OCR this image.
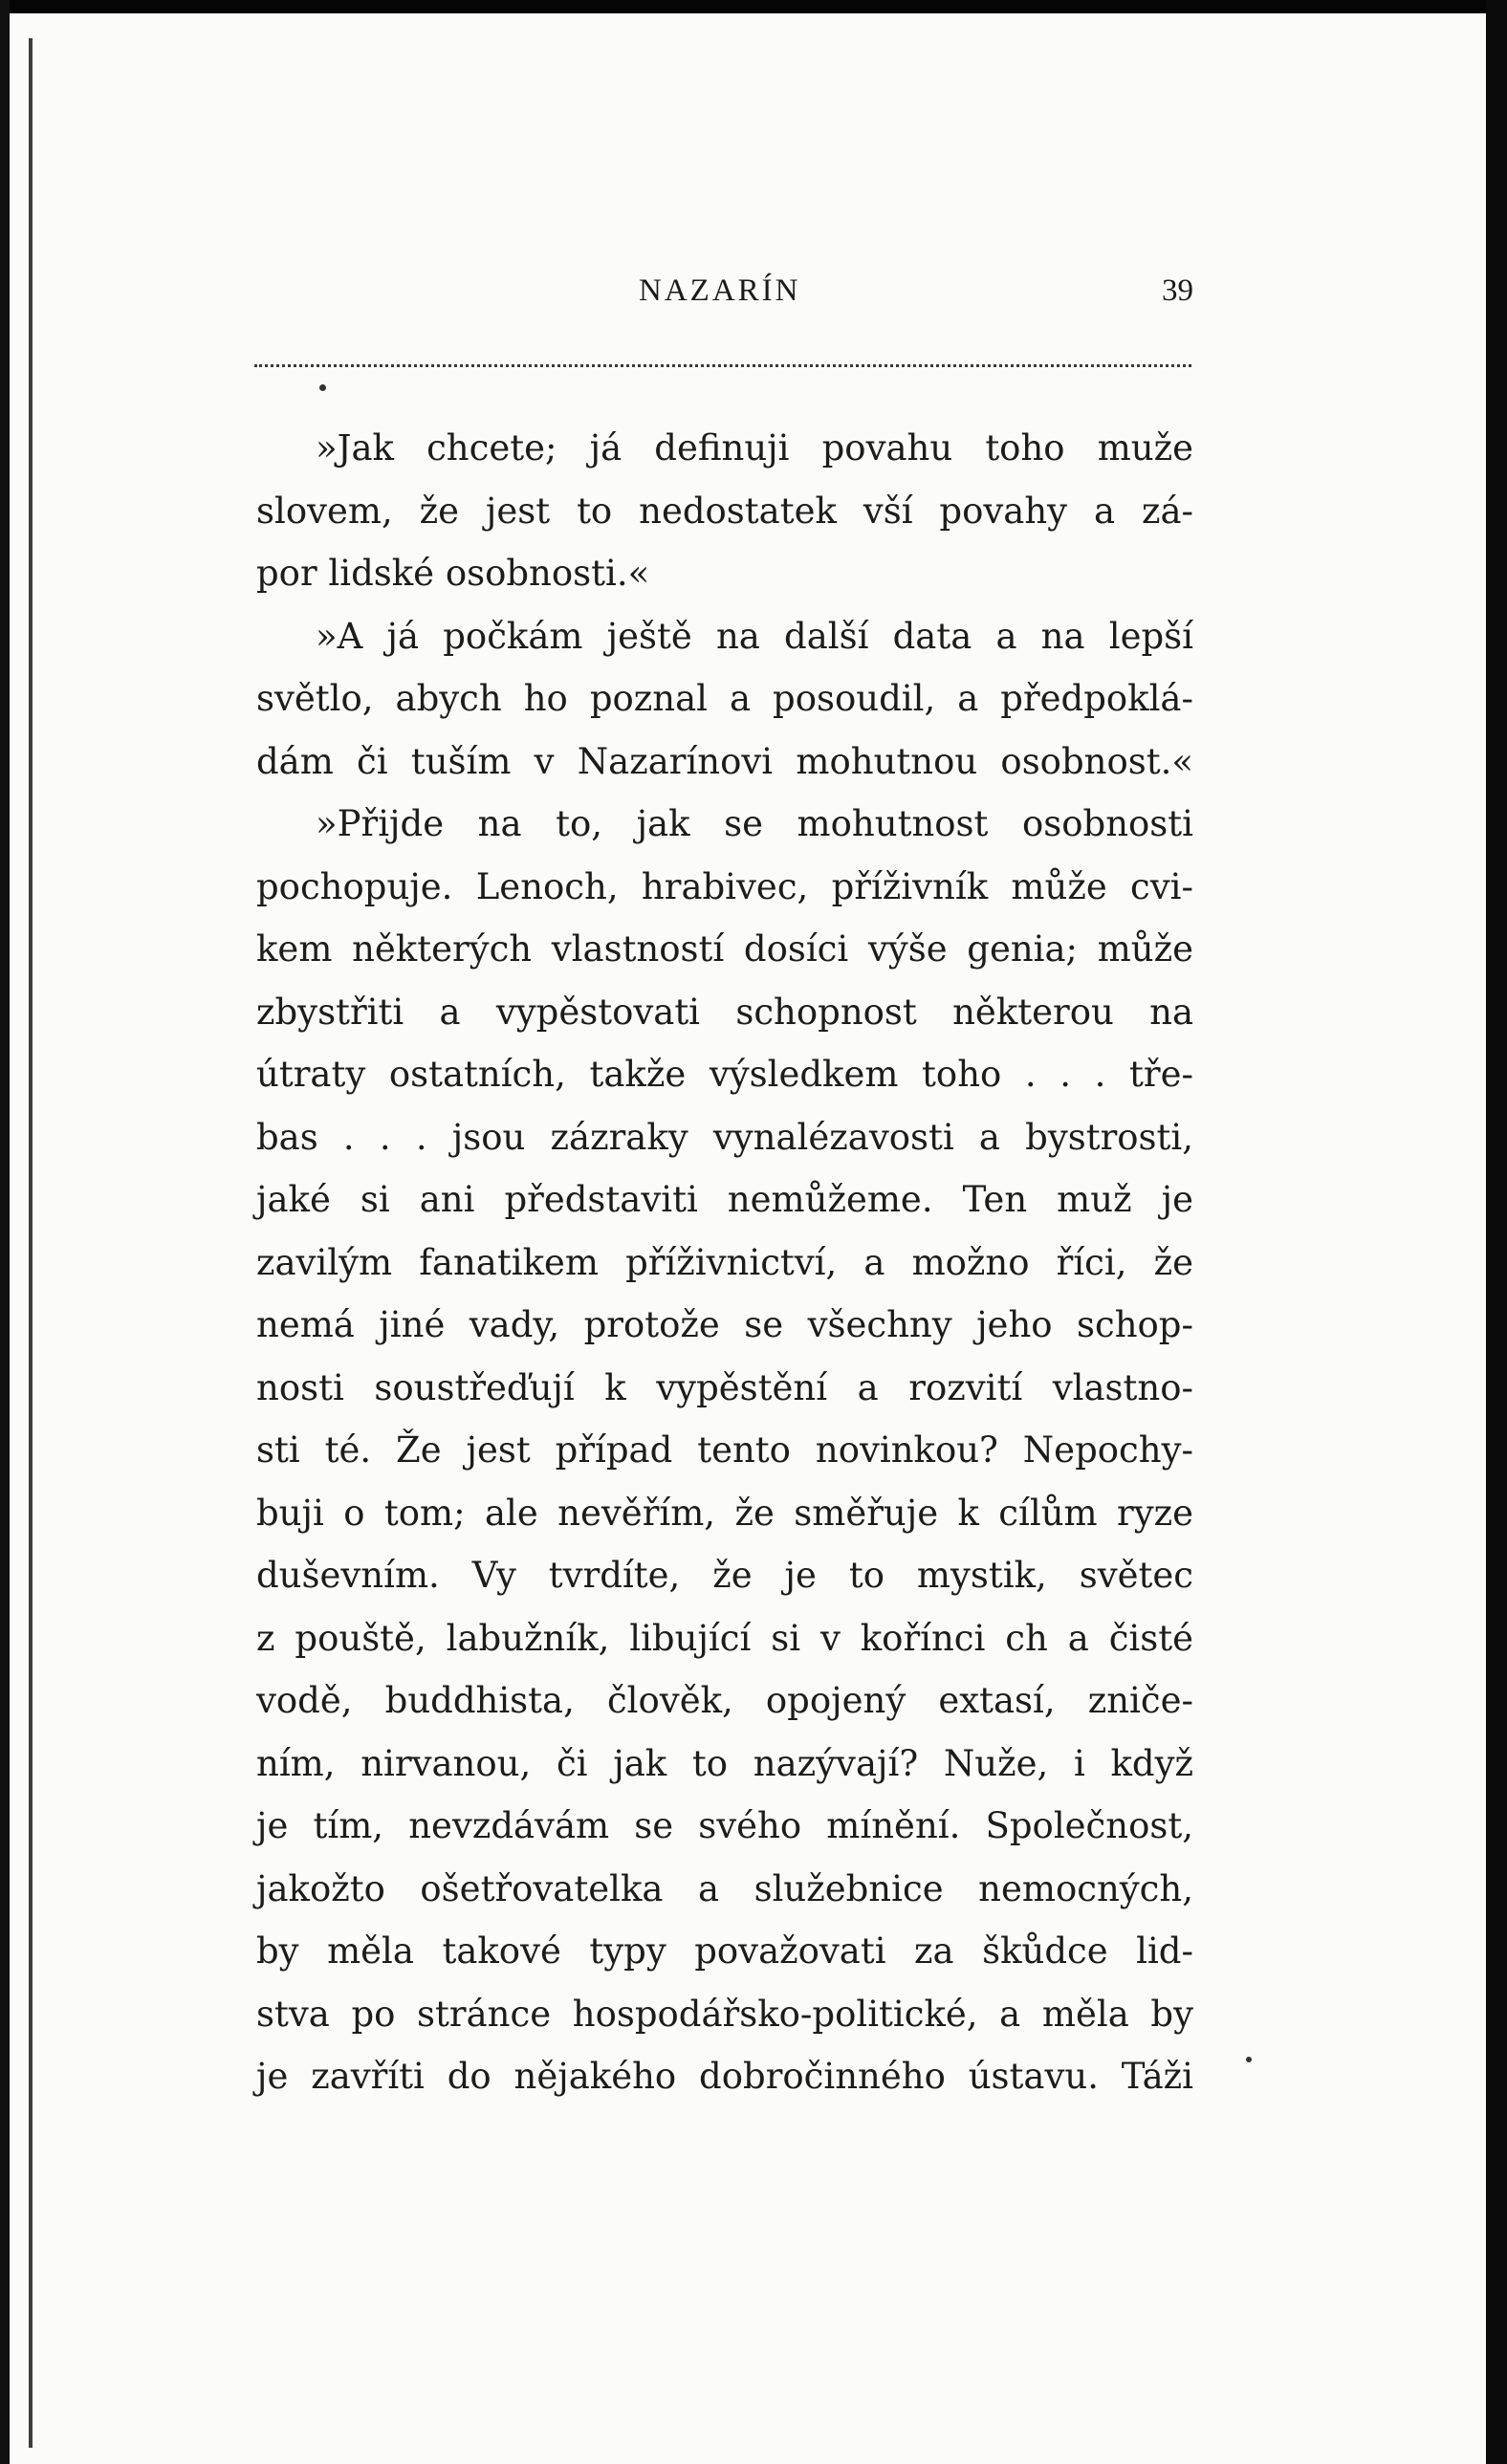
NAZARÍN	39
»Jak chcete; já definuji povahu toho muže
slovem, že jest to nedostatek vší povahy a zá-
por lidské osobnosti.«
»A já počkám ještě na další data a na lepší
světlo, abych ho poznal a posoudil, a předpoklá-
dám či tuším v Nazarínovi mohutnou osobnost.«
»Přijde na to, jak se mohutnost osobnosti
pochopuje. Lenoch, hrabivec, příživník může cvi-
kem některých vlastností dosíci výše genia; může
zbystřiti a vypěstovati schopnost některou na
útraty ostatních, takže výsledkem toho . . . tře-
bas . . . jsou zázraky vynalézavosti a bystrosti,
jaké si ani představiti nemůžeme. Ten muž je
zavilým fanatikem příživnictví, a možno říci, že
nemá jiné vady, protože se všechny jeho schop-
nosti soustřeďují k vypěstění a rozvití vlastno-
sti té. Že jest případ tento novinkou? Nepochy-
buji o tom; ale nevěřím, že směřuje k cílům ryze
duševním. Vy tvrdíte, že je to mystik, světec
z pouště, labužník, libující si v kořínci ch a čisté
vodě, buddhista, člověk, opojený extasí, zniče-
ním, nirvanou, či jak to nazývají? Nuže, i když
je tím, nevzdávám se svého mínění. Společnost,
jakožto ošetřovatelka a služebnice nemocných,
by měla takové typy považovati za škůdce lid-
stva po stránce hospodářsko-politické, a měla by
je zavříti do nějakého dobročinného ústavu. Táži
